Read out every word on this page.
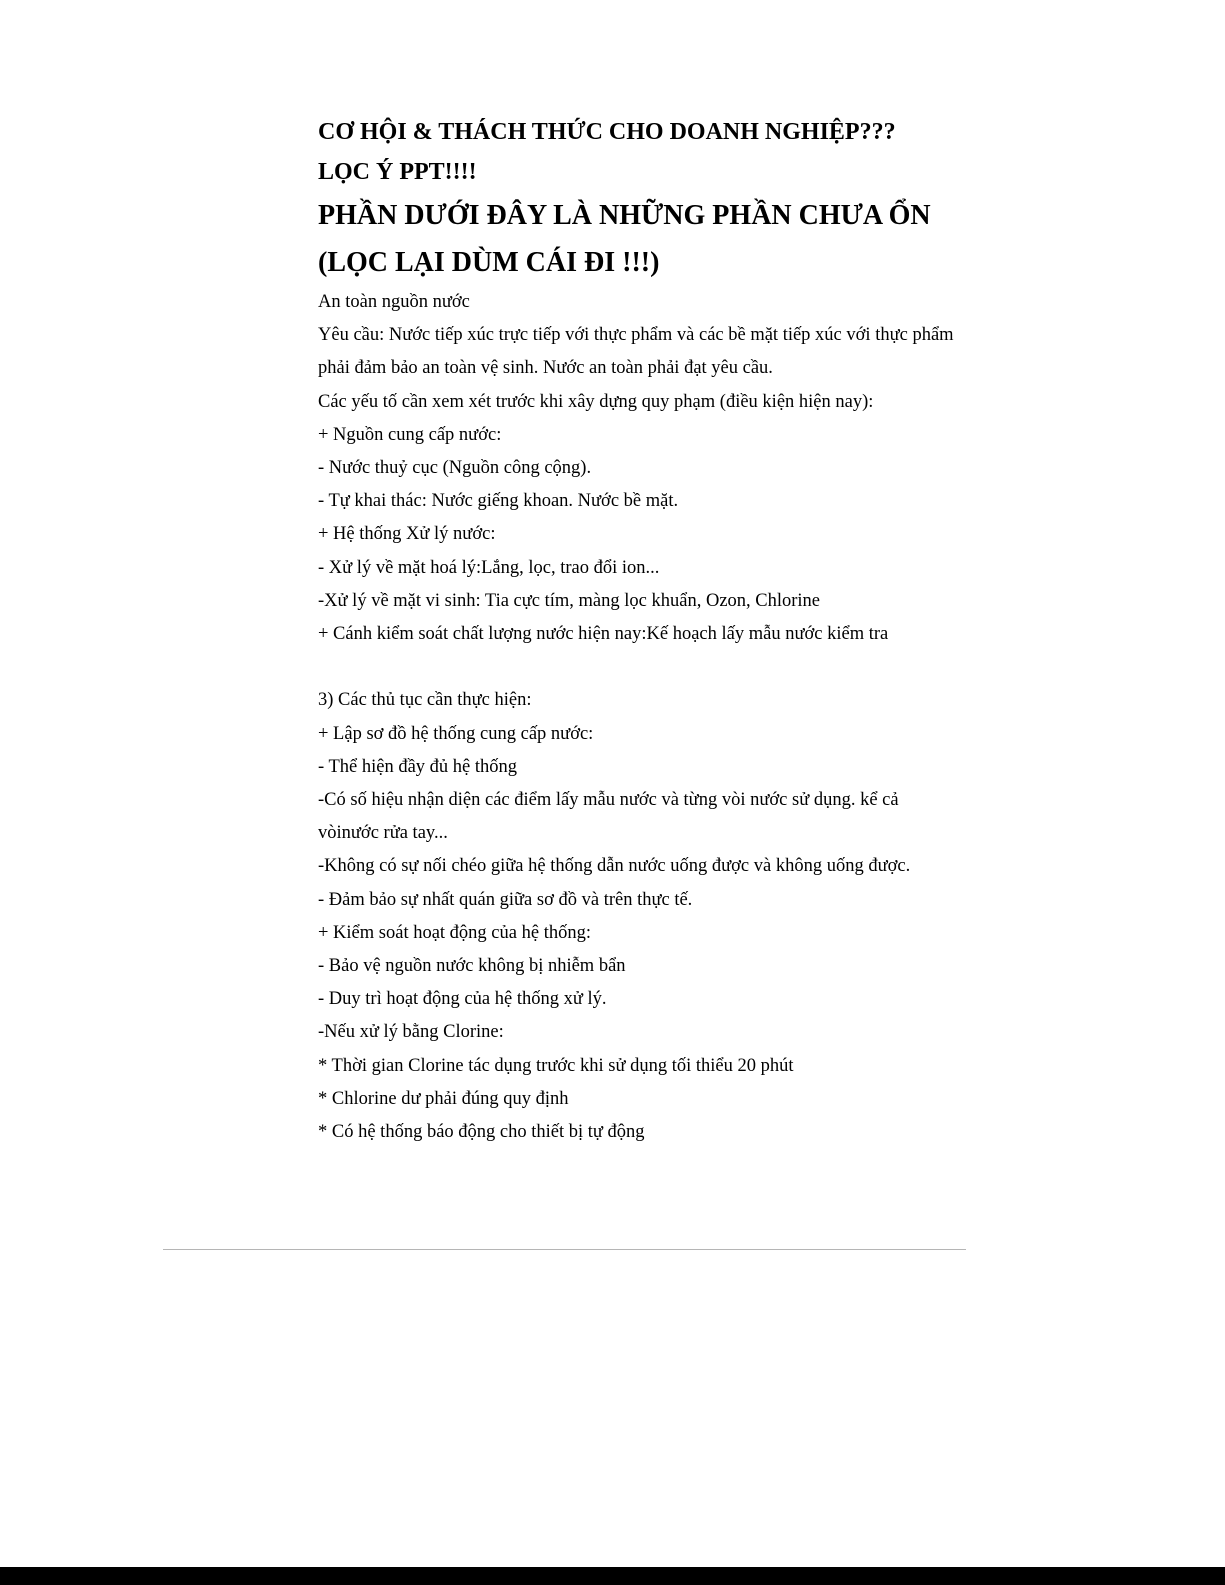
CƠ HỘI & THÁCH THỨC CHO DOANH NGHIỆP???
LỌC Ý PPT!!!!
PHẦN DƯỚI ĐÂY LÀ NHỮNG PHẦN CHƯA ỔN
(LỌC LẠI DÙM CÁI ĐI !!!)
An toàn nguồn nước
Yêu cầu: Nước tiếp xúc trực tiếp với thực phẩm và các bề mặt tiếp xúc với thực phẩm phải đảm bảo an toàn vệ sinh. Nước an toàn phải đạt yêu cầu.
Các yếu tố cần xem xét trước khi xây dựng quy phạm (điều kiện hiện nay):
+ Nguồn cung cấp nước:
- Nước thuỷ cục (Nguồn công cộng).
- Tự khai thác: Nước giếng khoan. Nước bề mặt.
+ Hệ thống Xử lý nước:
- Xử lý về mặt hoá lý:Lắng, lọc, trao đổi ion...
-Xử lý về mặt vi sinh: Tia cực tím, màng lọc khuẩn, Ozon, Chlorine
+ Cánh kiểm soát chất lượng nước hiện nay:Kế hoạch lấy mẫu nước kiểm tra
3) Các thủ tục cần thực hiện:
+ Lập sơ đồ hệ thống cung cấp nước:
- Thể hiện đầy đủ hệ thống
-Có số hiệu nhận diện các điểm lấy mẫu nước và từng vòi nước sử dụng. kể cả vòinước rửa tay...
-Không có sự nối chéo giữa hệ thống dẫn nước uống được và không uống được.
- Đảm bảo sự nhất quán giữa sơ đồ và trên thực tế.
+ Kiểm soát hoạt động của hệ thống:
- Bảo vệ nguồn nước không bị nhiễm bẩn
- Duy trì hoạt động của hệ thống xử lý.
-Nếu xử lý bằng Clorine:
* Thời gian Clorine tác dụng trước khi sử dụng tối thiểu 20 phút
* Chlorine dư phải đúng quy định
* Có hệ thống báo động cho thiết bị tự động
